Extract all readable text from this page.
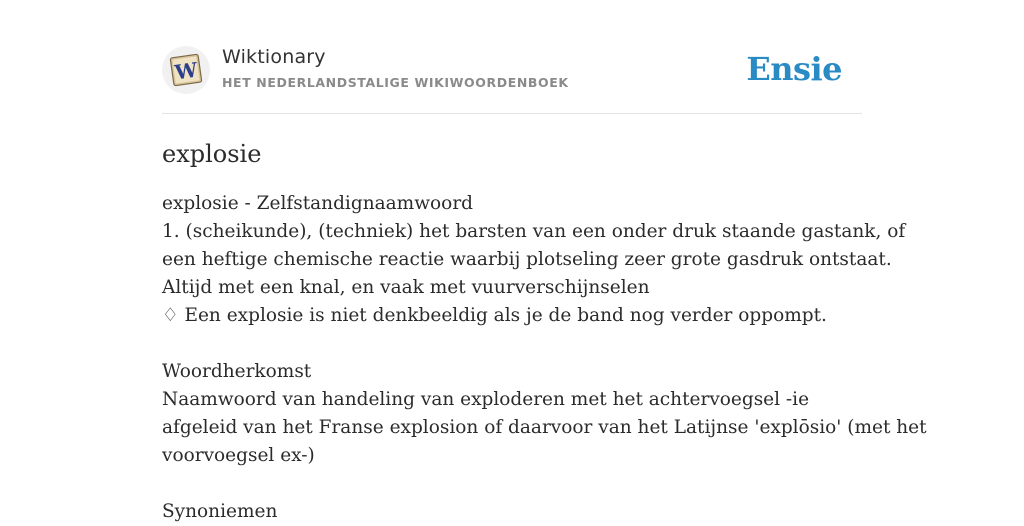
W
Wiktionary
HET NEDERLANDSTALIGE WIKIWOORDENBOEK	Ensie
explosie
explosie - Zelfstandignaamwoord
1. (scheikunde), (techniek) het barsten van een onder druk staande gastank, of
een heftige chemische reactie waarbij plotseling zeer grote gasdruk ontstaat.
Altijd met een knal, en vaak met vuurverschijnselen
♢ Een explosie is niet denkbeeldig als je de band nog verder oppompt.
Woordherkomst
Naamwoord van handeling van exploderen met het achtervoegsel -ie
afgeleid van het Franse explosion of daarvoor van het Latijnse 'explōsio' (met het
voorvoegsel ex-)
Synoniemen
